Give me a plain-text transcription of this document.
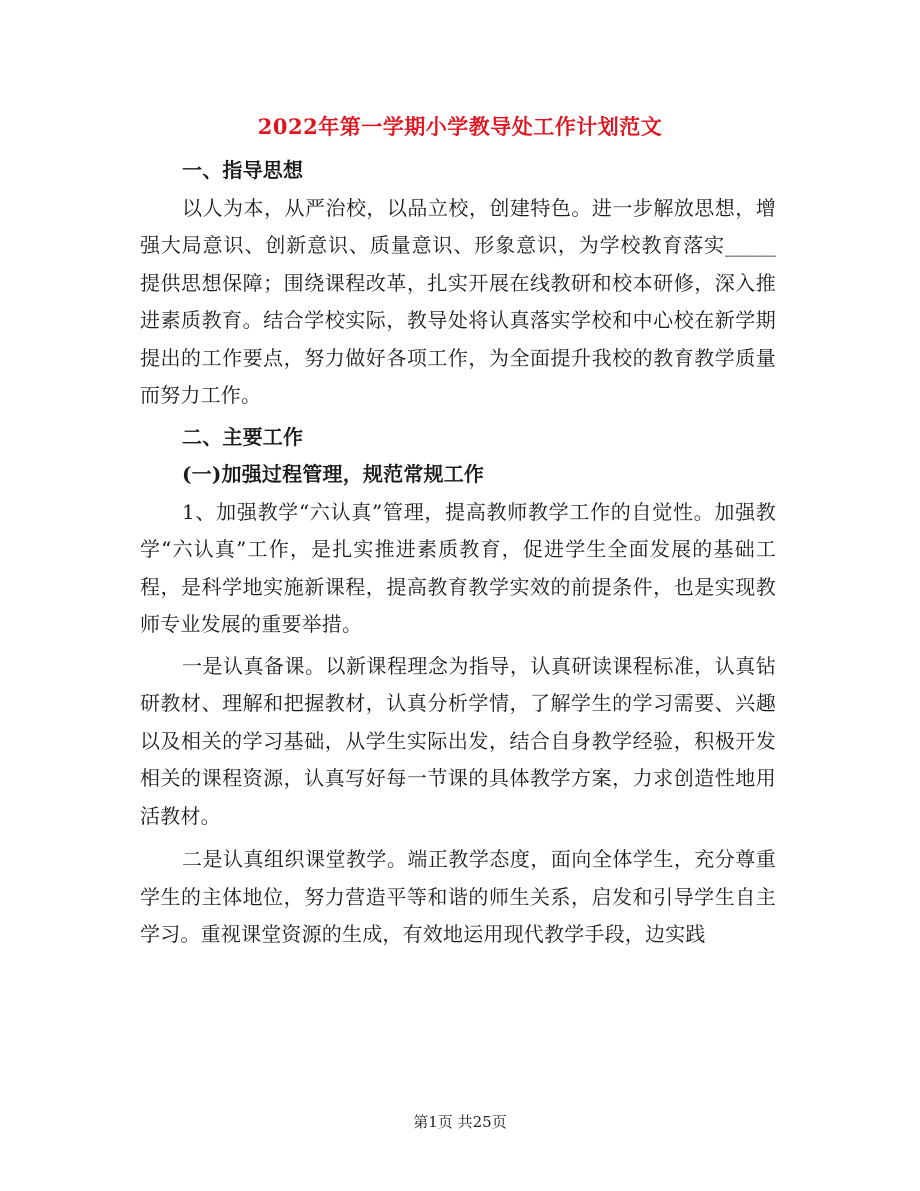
2022年第一学期小学教导处工作计划范文

一、指导思想

以人为本，从严治校，以品立校，创建特色。进一步解放思想，增强大局意识、创新意识、质量意识、形象意识，为学校教育落实_____提供思想保障；围绕课程改革，扎实开展在线教研和校本研修，深入推进素质教育。结合学校实际，教导处将认真落实学校和中心校在新学期提出的工作要点，努力做好各项工作，为全面提升我校的教育教学质量而努力工作。

二、主要工作

(一)加强过程管理，规范常规工作

1、加强教学“六认真”管理，提高教师教学工作的自觉性。加强教学“六认真”工作，是扎实推进素质教育，促进学生全面发展的基础工程，是科学地实施新课程，提高教育教学实效的前提条件，也是实现教师专业发展的重要举措。

一是认真备课。以新课程理念为指导，认真研读课程标准，认真钻研教材、理解和把握教材，认真分析学情，了解学生的学习需要、兴趣以及相关的学习基础，从学生实际出发，结合自身教学经验，积极开发相关的课程资源，认真写好每一节课的具体教学方案，力求创造性地用活教材。

二是认真组织课堂教学。端正教学态度，面向全体学生，充分尊重学生的主体地位，努力营造平等和谐的师生关系，启发和引导学生自主学习。重视课堂资源的生成，有效地运用现代教学手段，边实践

第1页 共25页
